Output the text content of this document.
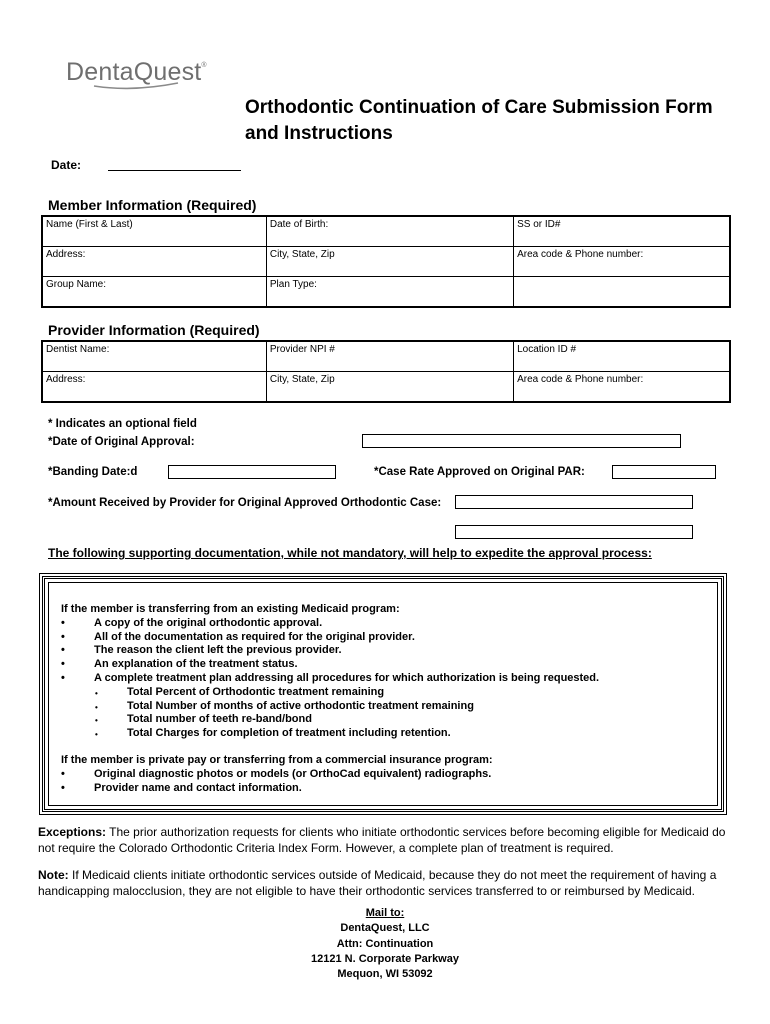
DentaQuest®
Orthodontic Continuation of Care Submission Form
and Instructions
Date:
Member Information (Required)
Name (First & Last)	Date of Birth:	SS or ID#
Address:	City, State, Zip	Area code & Phone number:
Group Name:	Plan Type:	
Provider Information (Required)
Dentist Name:	Provider NPI #	Location ID #
Address:	City, State, Zip	Area code & Phone number:
* Indicates an optional field
*Date of Original Approval:
*Banding Date:d	*Case Rate Approved on Original PAR:
*Amount Received by Provider for Original Approved Orthodontic Case:
The following supporting documentation, while not mandatory, will help to expedite the approval process:
If the member is transferring from an existing Medicaid program:
• A copy of the original orthodontic approval.
• All of the documentation as required for the original provider.
• The reason the client left the previous provider.
• An explanation of the treatment status.
• A complete treatment plan addressing all procedures for which authorization is being requested.
• Total Percent of Orthodontic treatment remaining
• Total Number of months of active orthodontic treatment remaining
• Total number of teeth re-band/bond
• Total Charges for completion of treatment including retention.
If the member is private pay or transferring from a commercial insurance program:
• Original diagnostic photos or models (or OrthoCad equivalent) radiographs.
• Provider name and contact information.
Exceptions: The prior authorization requests for clients who initiate orthodontic services before becoming eligible for Medicaid do not require the Colorado Orthodontic Criteria Index Form. However, a complete plan of treatment is required.
Note: If Medicaid clients initiate orthodontic services outside of Medicaid, because they do not meet the requirement of having a handicapping malocclusion, they are not eligible to have their orthodontic services transferred to or reimbursed by Medicaid.
Mail to:
DentaQuest, LLC
Attn: Continuation
12121 N. Corporate Parkway
Mequon, WI 53092
